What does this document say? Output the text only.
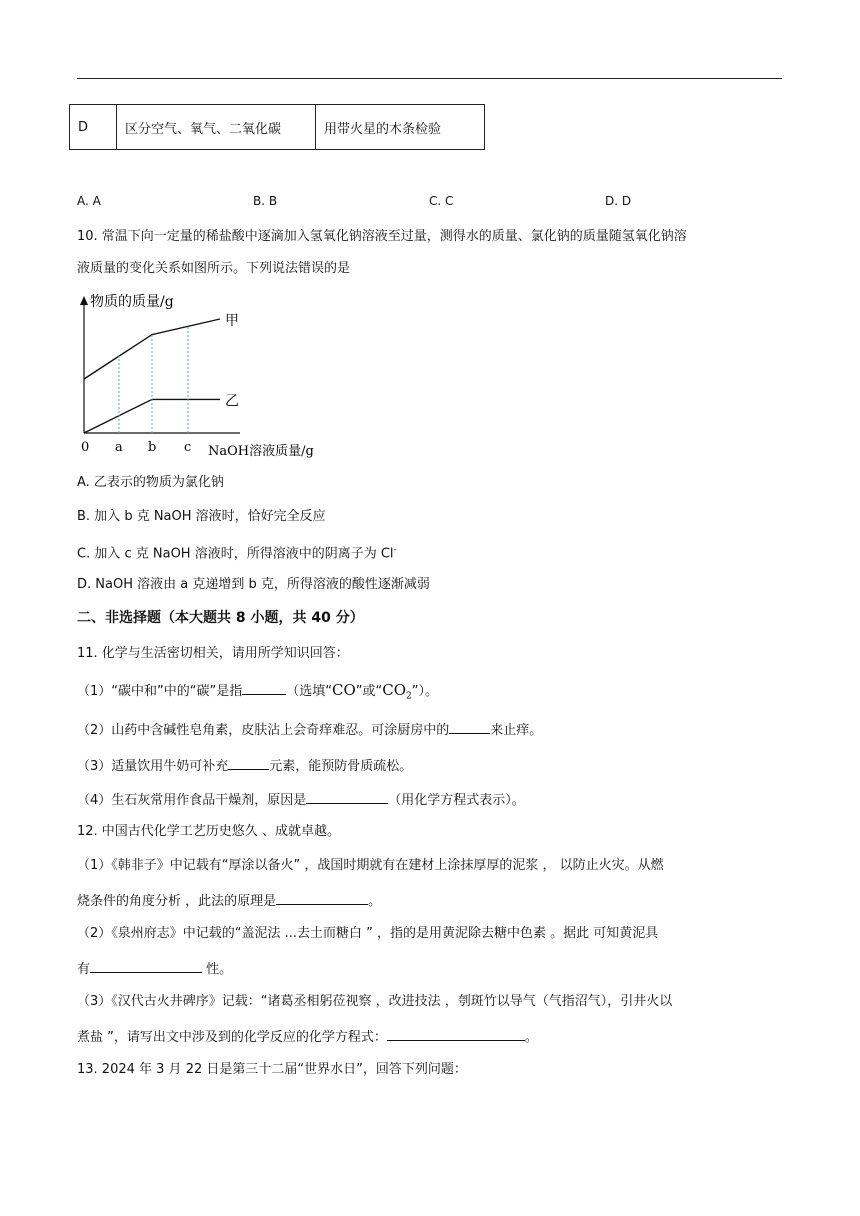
D	区分空气、氧气、二氧化碳	用带火星的木条检验
A. A	B. B	C. C	D. D
10. 常温下向一定量的稀盐酸中逐滴加入氢氧化钠溶液至过量，测得水的质量、氯化钠的质量随氢氧化钠溶
液质量的变化关系如图所示。下列说法错误的是
物质的质量/g
NaOH溶液质量/g
0 a b c
甲
乙
A. 乙表示的物质为氯化钠
B. 加入 b 克 NaOH 溶液时，恰好完全反应
C. 加入 c 克 NaOH 溶液时，所得溶液中的阴离子为 Cl-
D. NaOH 溶液由 a 克递增到 b 克，所得溶液的酸性逐渐减弱
二、非选择题（本大题共 8 小题，共 40 分）
11. 化学与生活密切相关，请用所学知识回答：
（1）“碳中和”中的“碳”是指	（选填“CO”或“$CO_2$”）。
（2）山药中含碱性皂角素，皮肤沾上会奇痒难忍。可涂厨房中的	来止痒。
（3）适量饮用牛奶可补充	元素，能预防骨质疏松。
（4）生石灰常用作食品干燥剂，原因是	（用化学方程式表示）。
12. 中国古代化学工艺历史悠久 、成就卓越。
（1）《韩非子》中记载有“厚涂以备火” ，战国时期就有在建材上涂抹厚厚的泥浆 ， 以防止火灾。从燃
烧条件的角度分析 ，此法的原理是	。
（2）《泉州府志》中记载的“盖泥法 ...去土而糖白 ” ，指的是用黄泥除去糖中色素 。据此 可知黄泥具
有	性。
（3）《汉代古火井碑序》记载：“诸葛丞相躬莅视察 ，改进技法 ，刳斑竹以导气（气指沼气），引井火以
煮盐 ”，请写出文中涉及到的化学反应的化学方程式：	。
13. 2024 年 3 月 22 日是第三十二届“世界水日”，回答下列问题：
